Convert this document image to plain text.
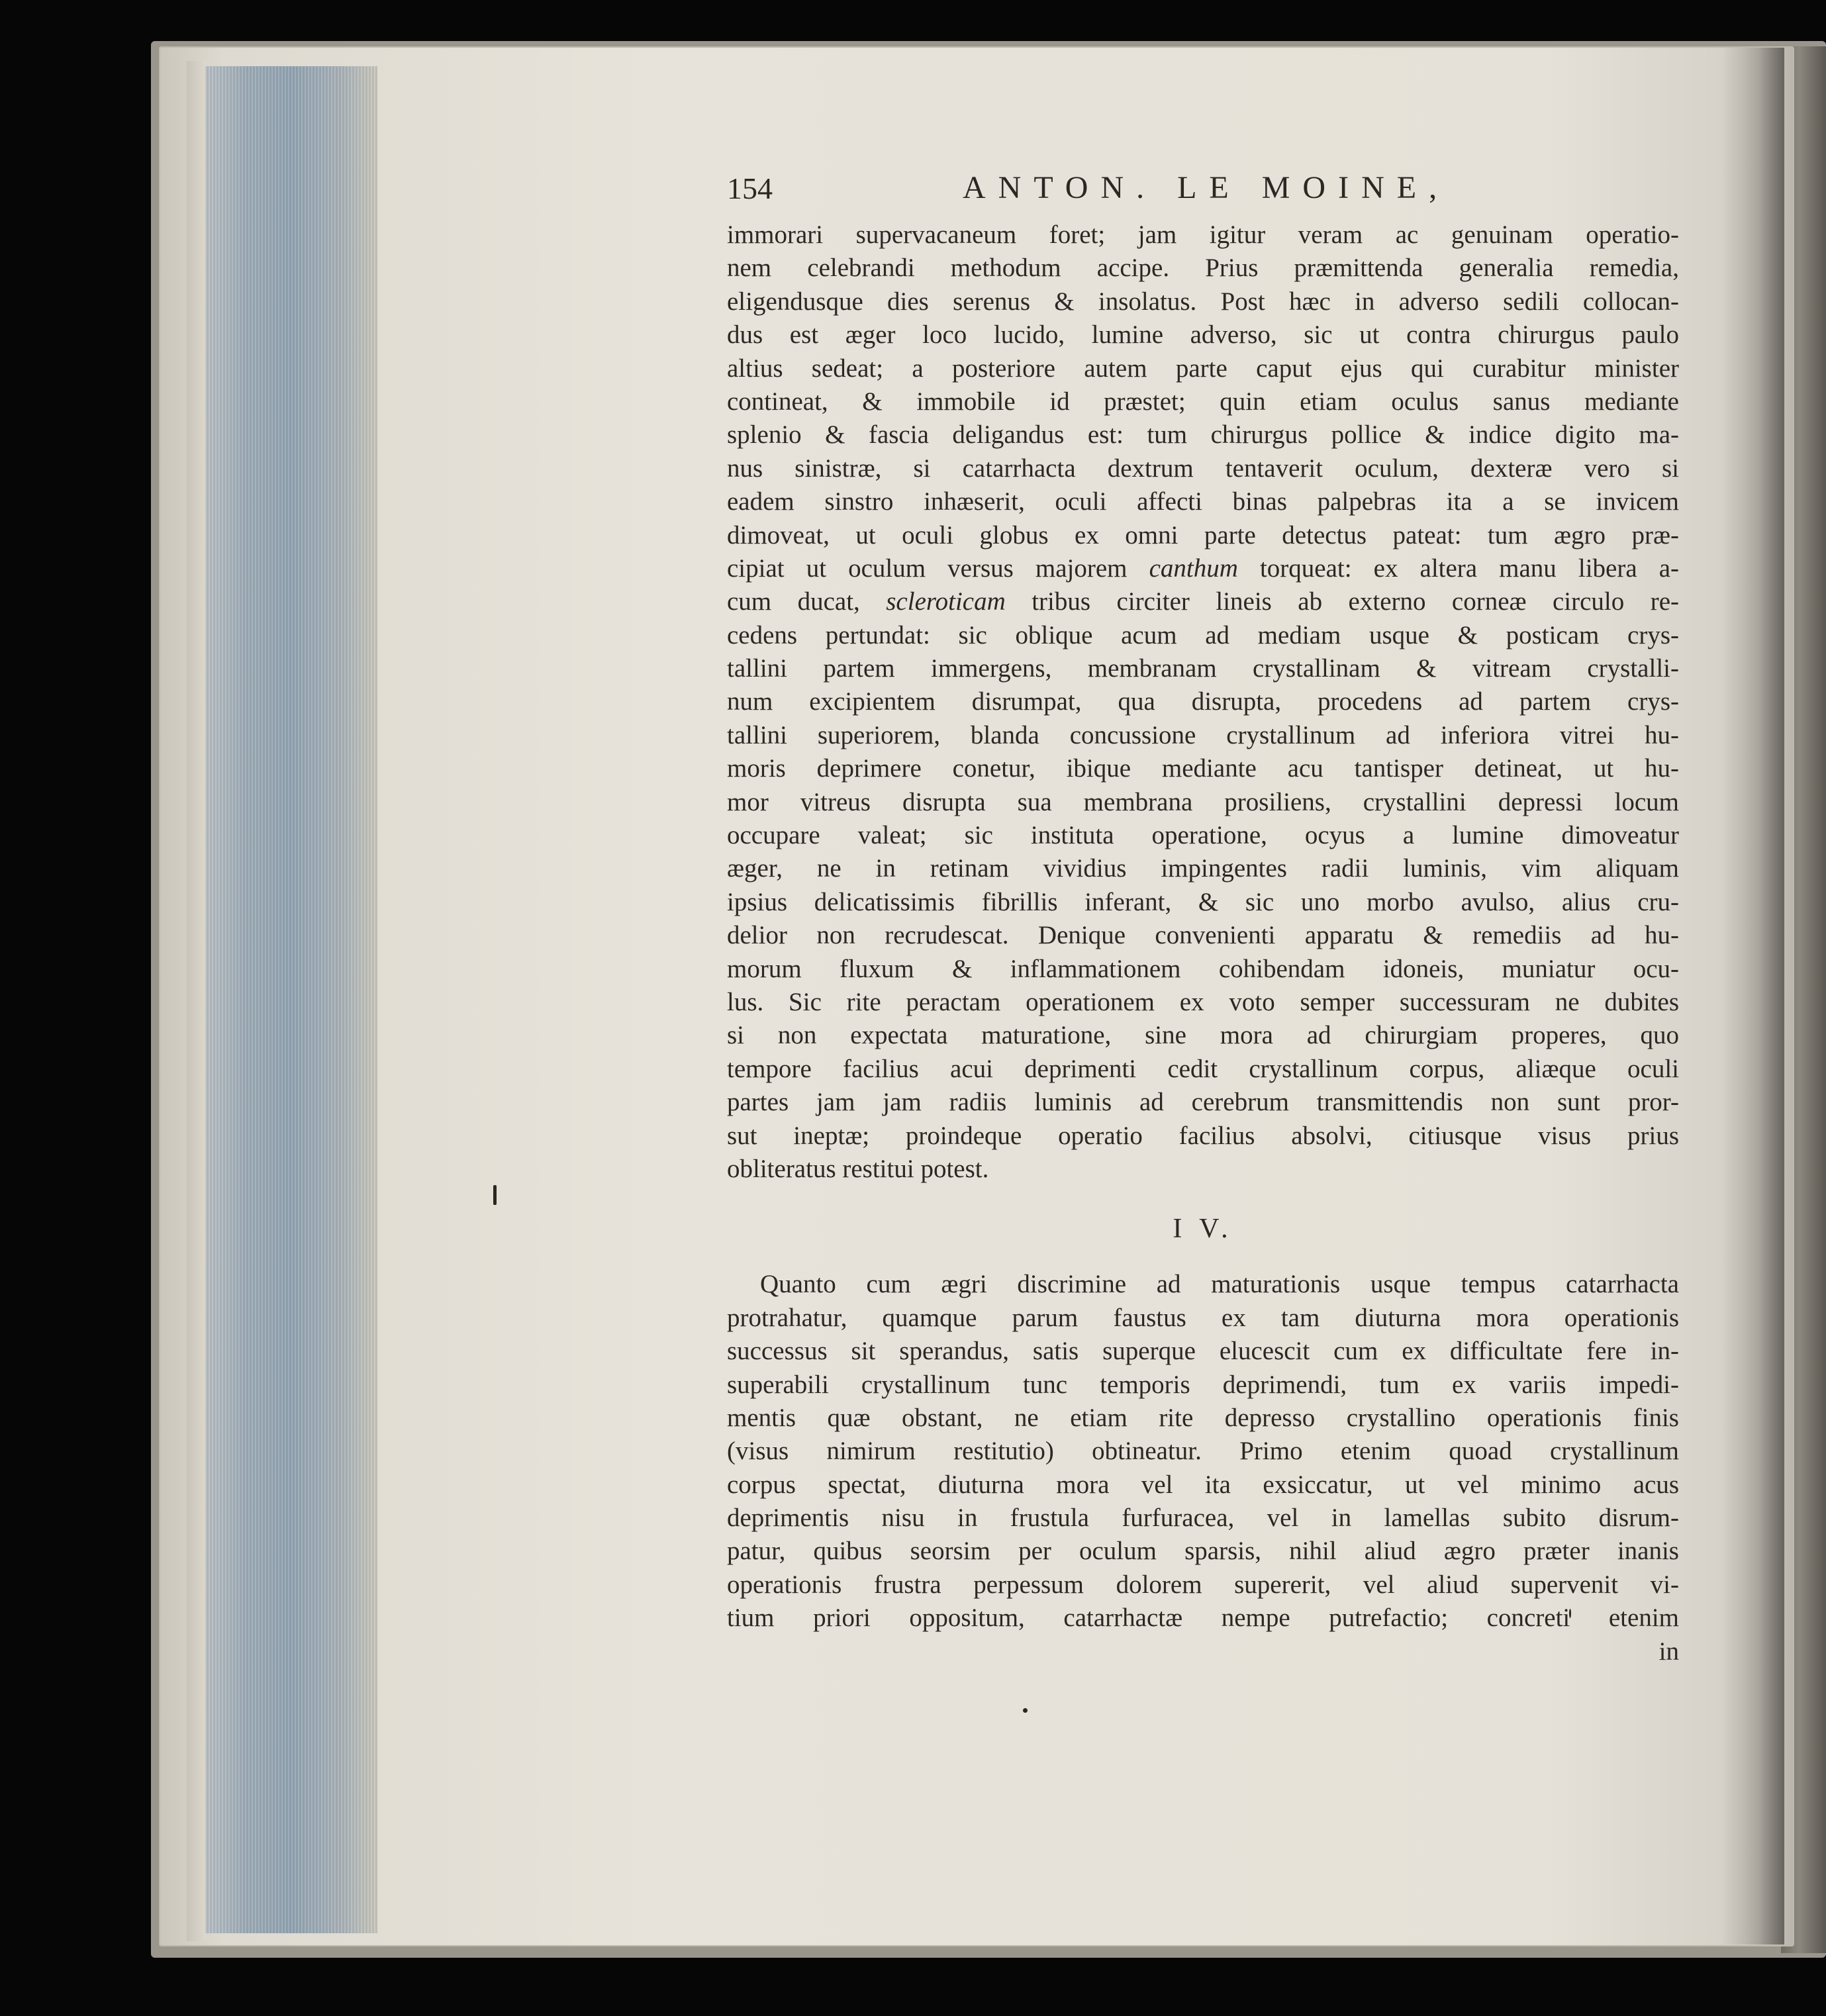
154	ANTON. LE MOINE,
immorari supervacaneum foret; jam igitur veram ac genuinam operatio-
nem celebrandi methodum accipe. Prius præmittenda generalia remedia,
eligendusque dies serenus & insolatus. Post hæc in adverso sedili collocan-
dus est æger loco lucido, lumine adverso, sic ut contra chirurgus paulo
altius sedeat; a posteriore autem parte caput ejus qui curabitur minister
contineat, & immobile id præstet; quin etiam oculus sanus mediante
splenio & fascia deligandus est: tum chirurgus pollice & indice digito ma-
nus sinistræ, si catarrhacta dextrum tentaverit oculum, dexteræ vero si
eadem sinstro inhæserit, oculi affecti binas palpebras ita a se invicem
dimoveat, ut oculi globus ex omni parte detectus pateat: tum ægro præ-
cipiat ut oculum versus majorem canthum torqueat: ex altera manu libera a-
cum ducat, scleroticam tribus circiter lineis ab externo corneæ circulo re-
cedens pertundat: sic oblique acum ad mediam usque & posticam crys-
tallini partem immergens, membranam crystallinam & vitream crystalli-
num excipientem disrumpat, qua disrupta, procedens ad partem crys-
tallini superiorem, blanda concussione crystallinum ad inferiora vitrei hu-
moris deprimere conetur, ibique mediante acu tantisper detineat, ut hu-
mor vitreus disrupta sua membrana prosiliens, crystallini depressi locum
occupare valeat; sic instituta operatione, ocyus a lumine dimoveatur
æger, ne in retinam vividius impingentes radii luminis, vim aliquam
ipsius delicatissimis fibrillis inferant, & sic uno morbo avulso, alius cru-
delior non recrudescat. Denique convenienti apparatu & remediis ad hu-
morum fluxum & inflammationem cohibendam idoneis, muniatur ocu-
lus. Sic rite peractam operationem ex voto semper successuram ne dubites
si non expectata maturatione, sine mora ad chirurgiam properes, quo
tempore facilius acui deprimenti cedit crystallinum corpus, aliæque oculi
partes jam jam radiis luminis ad cerebrum transmittendis non sunt pror-
sut ineptæ; proindeque operatio facilius absolvi, citiusque visus prius
obliteratus restitui potest.
I V.
Quanto cum ægri discrimine ad maturationis usque tempus catarrhacta
protrahatur, quamque parum faustus ex tam diuturna mora operationis
successus sit sperandus, satis superque elucescit cum ex difficultate fere in-
superabili crystallinum tunc temporis deprimendi, tum ex variis impedi-
mentis quæ obstant, ne etiam rite depresso crystallino operationis finis
(visus nimirum restitutio) obtineatur. Primo etenim quoad crystallinum
corpus spectat, diuturna mora vel ita exsiccatur, ut vel minimo acus
deprimentis nisu in frustula furfuracea, vel in lamellas subito disrum-
patur, quibus seorsim per oculum sparsis, nihil aliud ægro præter inanis
operationis frustra perpessum dolorem supererit, vel aliud supervenit vi-
tium priori oppositum, catarrhactæ nempe putrefactio; concreti etenim
in
